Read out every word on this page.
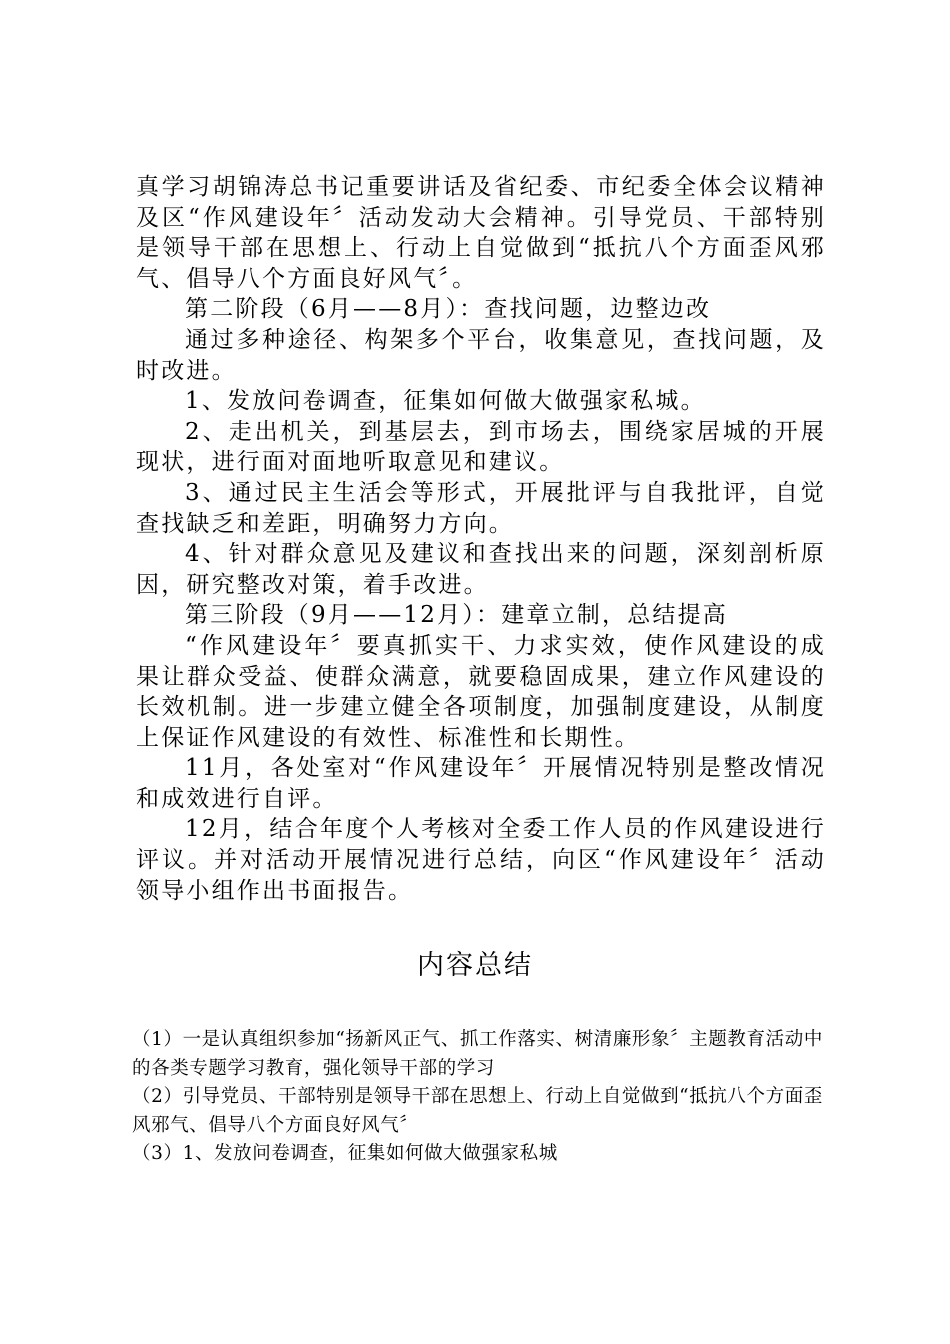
真学习胡锦涛总书记重要讲话及省纪委、市纪委全体会议精神及区“作风建设年〞活动发动大会精神。引导党员、干部特别是领导干部在思想上、行动上自觉做到“抵抗八个方面歪风邪气、倡导八个方面良好风气〞。

第二阶段（6月——8月）：查找问题，边整边改

通过多种途径、构架多个平台，收集意见，查找问题，及时改进。

1、发放问卷调查，征集如何做大做强家私城。

2、走出机关，到基层去，到市场去，围绕家居城的开展现状，进行面对面地听取意见和建议。

3、通过民主生活会等形式，开展批评与自我批评，自觉查找缺乏和差距，明确努力方向。

4、针对群众意见及建议和查找出来的问题，深刻剖析原因，研究整改对策，着手改进。

第三阶段（9月——12月）：建章立制，总结提高

“作风建设年〞要真抓实干、力求实效，使作风建设的成果让群众受益、使群众满意，就要稳固成果，建立作风建设的长效机制。进一步建立健全各项制度，加强制度建设，从制度上保证作风建设的有效性、标准性和长期性。

11月，各处室对“作风建设年〞开展情况特别是整改情况和成效进行自评。

12月，结合年度个人考核对全委工作人员的作风建设进行评议。并对活动开展情况进行总结，向区“作风建设年〞活动领导小组作出书面报告。

内容总结

（1）一是认真组织参加“扬新风正气、抓工作落实、树清廉形象〞主题教育活动中的各类专题学习教育，强化领导干部的学习

（2）引导党员、干部特别是领导干部在思想上、行动上自觉做到“抵抗八个方面歪风邪气、倡导八个方面良好风气〞

（3）1、发放问卷调查，征集如何做大做强家私城
